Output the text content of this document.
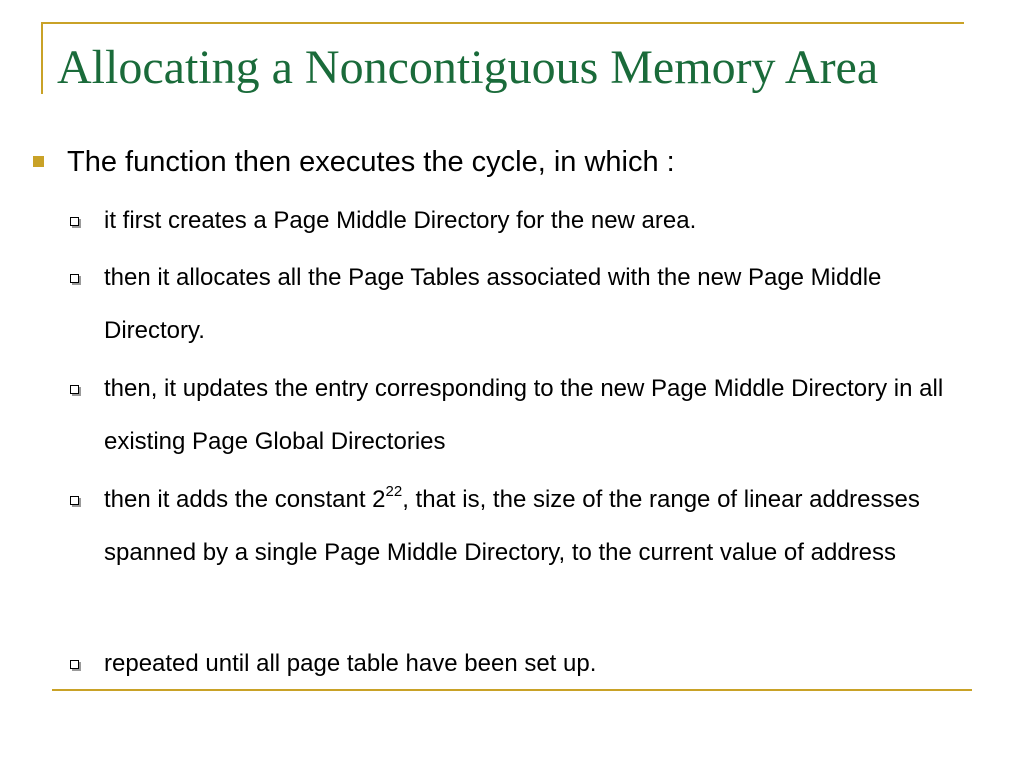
Allocating a Noncontiguous Memory Area
The function then executes the cycle, in which :
it first creates a Page Middle Directory for the new area.
then it allocates all the Page Tables associated with the new Page Middle Directory.
then, it updates the entry corresponding to the new Page Middle Directory in all existing Page Global Directories
then it adds the constant $2^{22}$, that is, the size of the range of linear addresses spanned by a single Page Middle Directory, to the current value of address
repeated until all page table have been set up.
